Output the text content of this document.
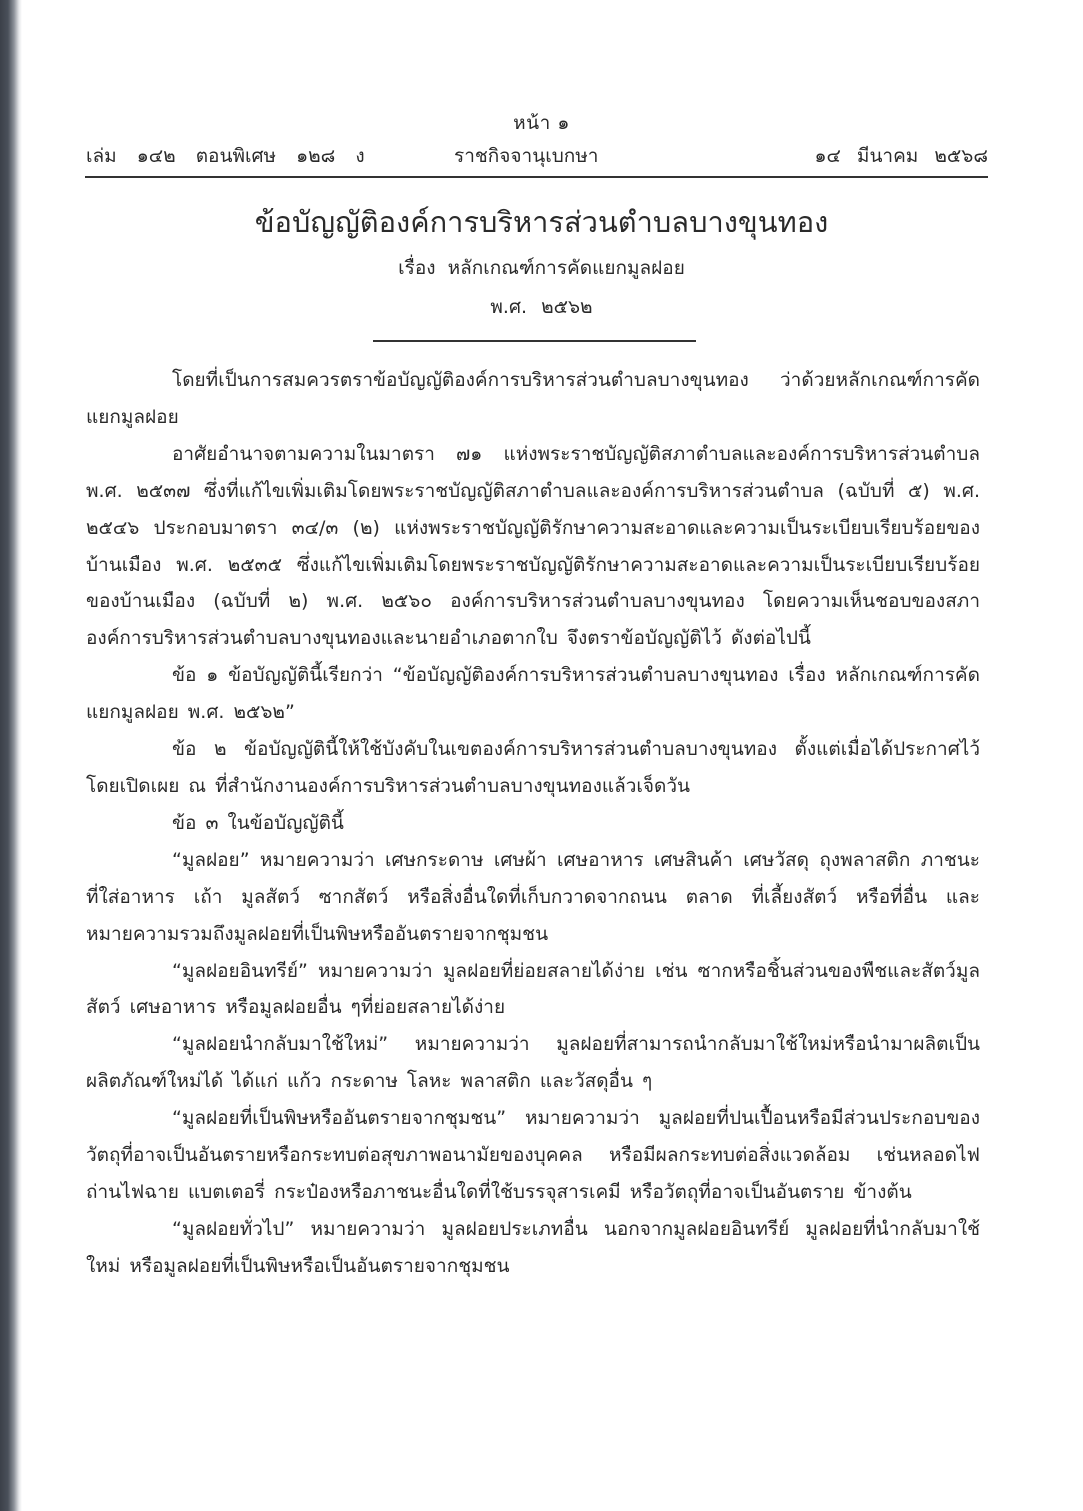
หน้า ๑
เล่ม ๑๔๒ ตอนพิเศษ ๑๒๘ ง	ราชกิจจานุเบกษา	๑๔ มีนาคม ๒๕๖๘
ข้อบัญญัติองค์การบริหารส่วนตำบลบางขุนทอง
เรื่อง หลักเกณฑ์การคัดแยกมูลฝอย
พ.ศ. ๒๕๖๒

โดยที่เป็นการสมควรตราข้อบัญญัติองค์การบริหารส่วนตำบลบางขุนทอง ว่าด้วยหลักเกณฑ์การคัดแยกมูลฝอย

อาศัยอำนาจตามความในมาตรา ๗๑ แห่งพระราชบัญญัติสภาตำบลและองค์การบริหารส่วนตำบล พ.ศ. ๒๕๓๗ ซึ่งที่แก้ไขเพิ่มเติมโดยพระราชบัญญัติสภาตำบลและองค์การบริหารส่วนตำบล (ฉบับที่ ๕) พ.ศ. ๒๕๔๖ ประกอบมาตรา ๓๔/๓ (๒) แห่งพระราชบัญญัติรักษาความสะอาดและความเป็นระเบียบเรียบร้อยของบ้านเมือง พ.ศ. ๒๕๓๕ ซึ่งแก้ไขเพิ่มเติมโดยพระราชบัญญัติรักษาความสะอาดและความเป็นระเบียบเรียบร้อยของบ้านเมือง (ฉบับที่ ๒) พ.ศ. ๒๕๖๐ องค์การบริหารส่วนตำบลบางขุนทอง โดยความเห็นชอบของสภาองค์การบริหารส่วนตำบลบางขุนทองและนายอำเภอตากใบ จึงตราข้อบัญญัติไว้ ดังต่อไปนี้

ข้อ ๑ ข้อบัญญัตินี้เรียกว่า “ข้อบัญญัติองค์การบริหารส่วนตำบลบางขุนทอง เรื่อง หลักเกณฑ์การคัดแยกมูลฝอย พ.ศ. ๒๕๖๒”

ข้อ ๒ ข้อบัญญัตินี้ให้ใช้บังคับในเขตองค์การบริหารส่วนตำบลบางขุนทอง ตั้งแต่เมื่อได้ประกาศไว้โดยเปิดเผย ณ ที่สำนักงานองค์การบริหารส่วนตำบลบางขุนทองแล้วเจ็ดวัน

ข้อ ๓ ในข้อบัญญัตินี้

“มูลฝอย” หมายความว่า เศษกระดาษ เศษผ้า เศษอาหาร เศษสินค้า เศษวัสดุ ถุงพลาสติก ภาชนะที่ใส่อาหาร เถ้า มูลสัตว์ ซากสัตว์ หรือสิ่งอื่นใดที่เก็บกวาดจากถนน ตลาด ที่เลี้ยงสัตว์ หรือที่อื่น และหมายความรวมถึงมูลฝอยที่เป็นพิษหรืออันตรายจากชุมชน

“มูลฝอยอินทรีย์” หมายความว่า มูลฝอยที่ย่อยสลายได้ง่าย เช่น ซากหรือชิ้นส่วนของพืชและสัตว์มูลสัตว์ เศษอาหาร หรือมูลฝอยอื่น ๆที่ย่อยสลายได้ง่าย

“มูลฝอยนำกลับมาใช้ใหม่” หมายความว่า มูลฝอยที่สามารถนำกลับมาใช้ใหม่หรือนำมาผลิตเป็นผลิตภัณฑ์ใหม่ได้ ได้แก่ แก้ว กระดาษ โลหะ พลาสติก และวัสดุอื่น ๆ

“มูลฝอยที่เป็นพิษหรืออันตรายจากชุมชน” หมายความว่า มูลฝอยที่ปนเปื้อนหรือมีส่วนประกอบของวัตถุที่อาจเป็นอันตรายหรือกระทบต่อสุขภาพอนามัยของบุคคล หรือมีผลกระทบต่อสิ่งแวดล้อม เช่นหลอดไฟ ถ่านไฟฉาย แบตเตอรี่ กระป๋องหรือภาชนะอื่นใดที่ใช้บรรจุสารเคมี หรือวัตถุที่อาจเป็นอันตราย ข้างต้น

“มูลฝอยทั่วไป” หมายความว่า มูลฝอยประเภทอื่น นอกจากมูลฝอยอินทรีย์ มูลฝอยที่นำกลับมาใช้ใหม่ หรือมูลฝอยที่เป็นพิษหรือเป็นอันตรายจากชุมชน
